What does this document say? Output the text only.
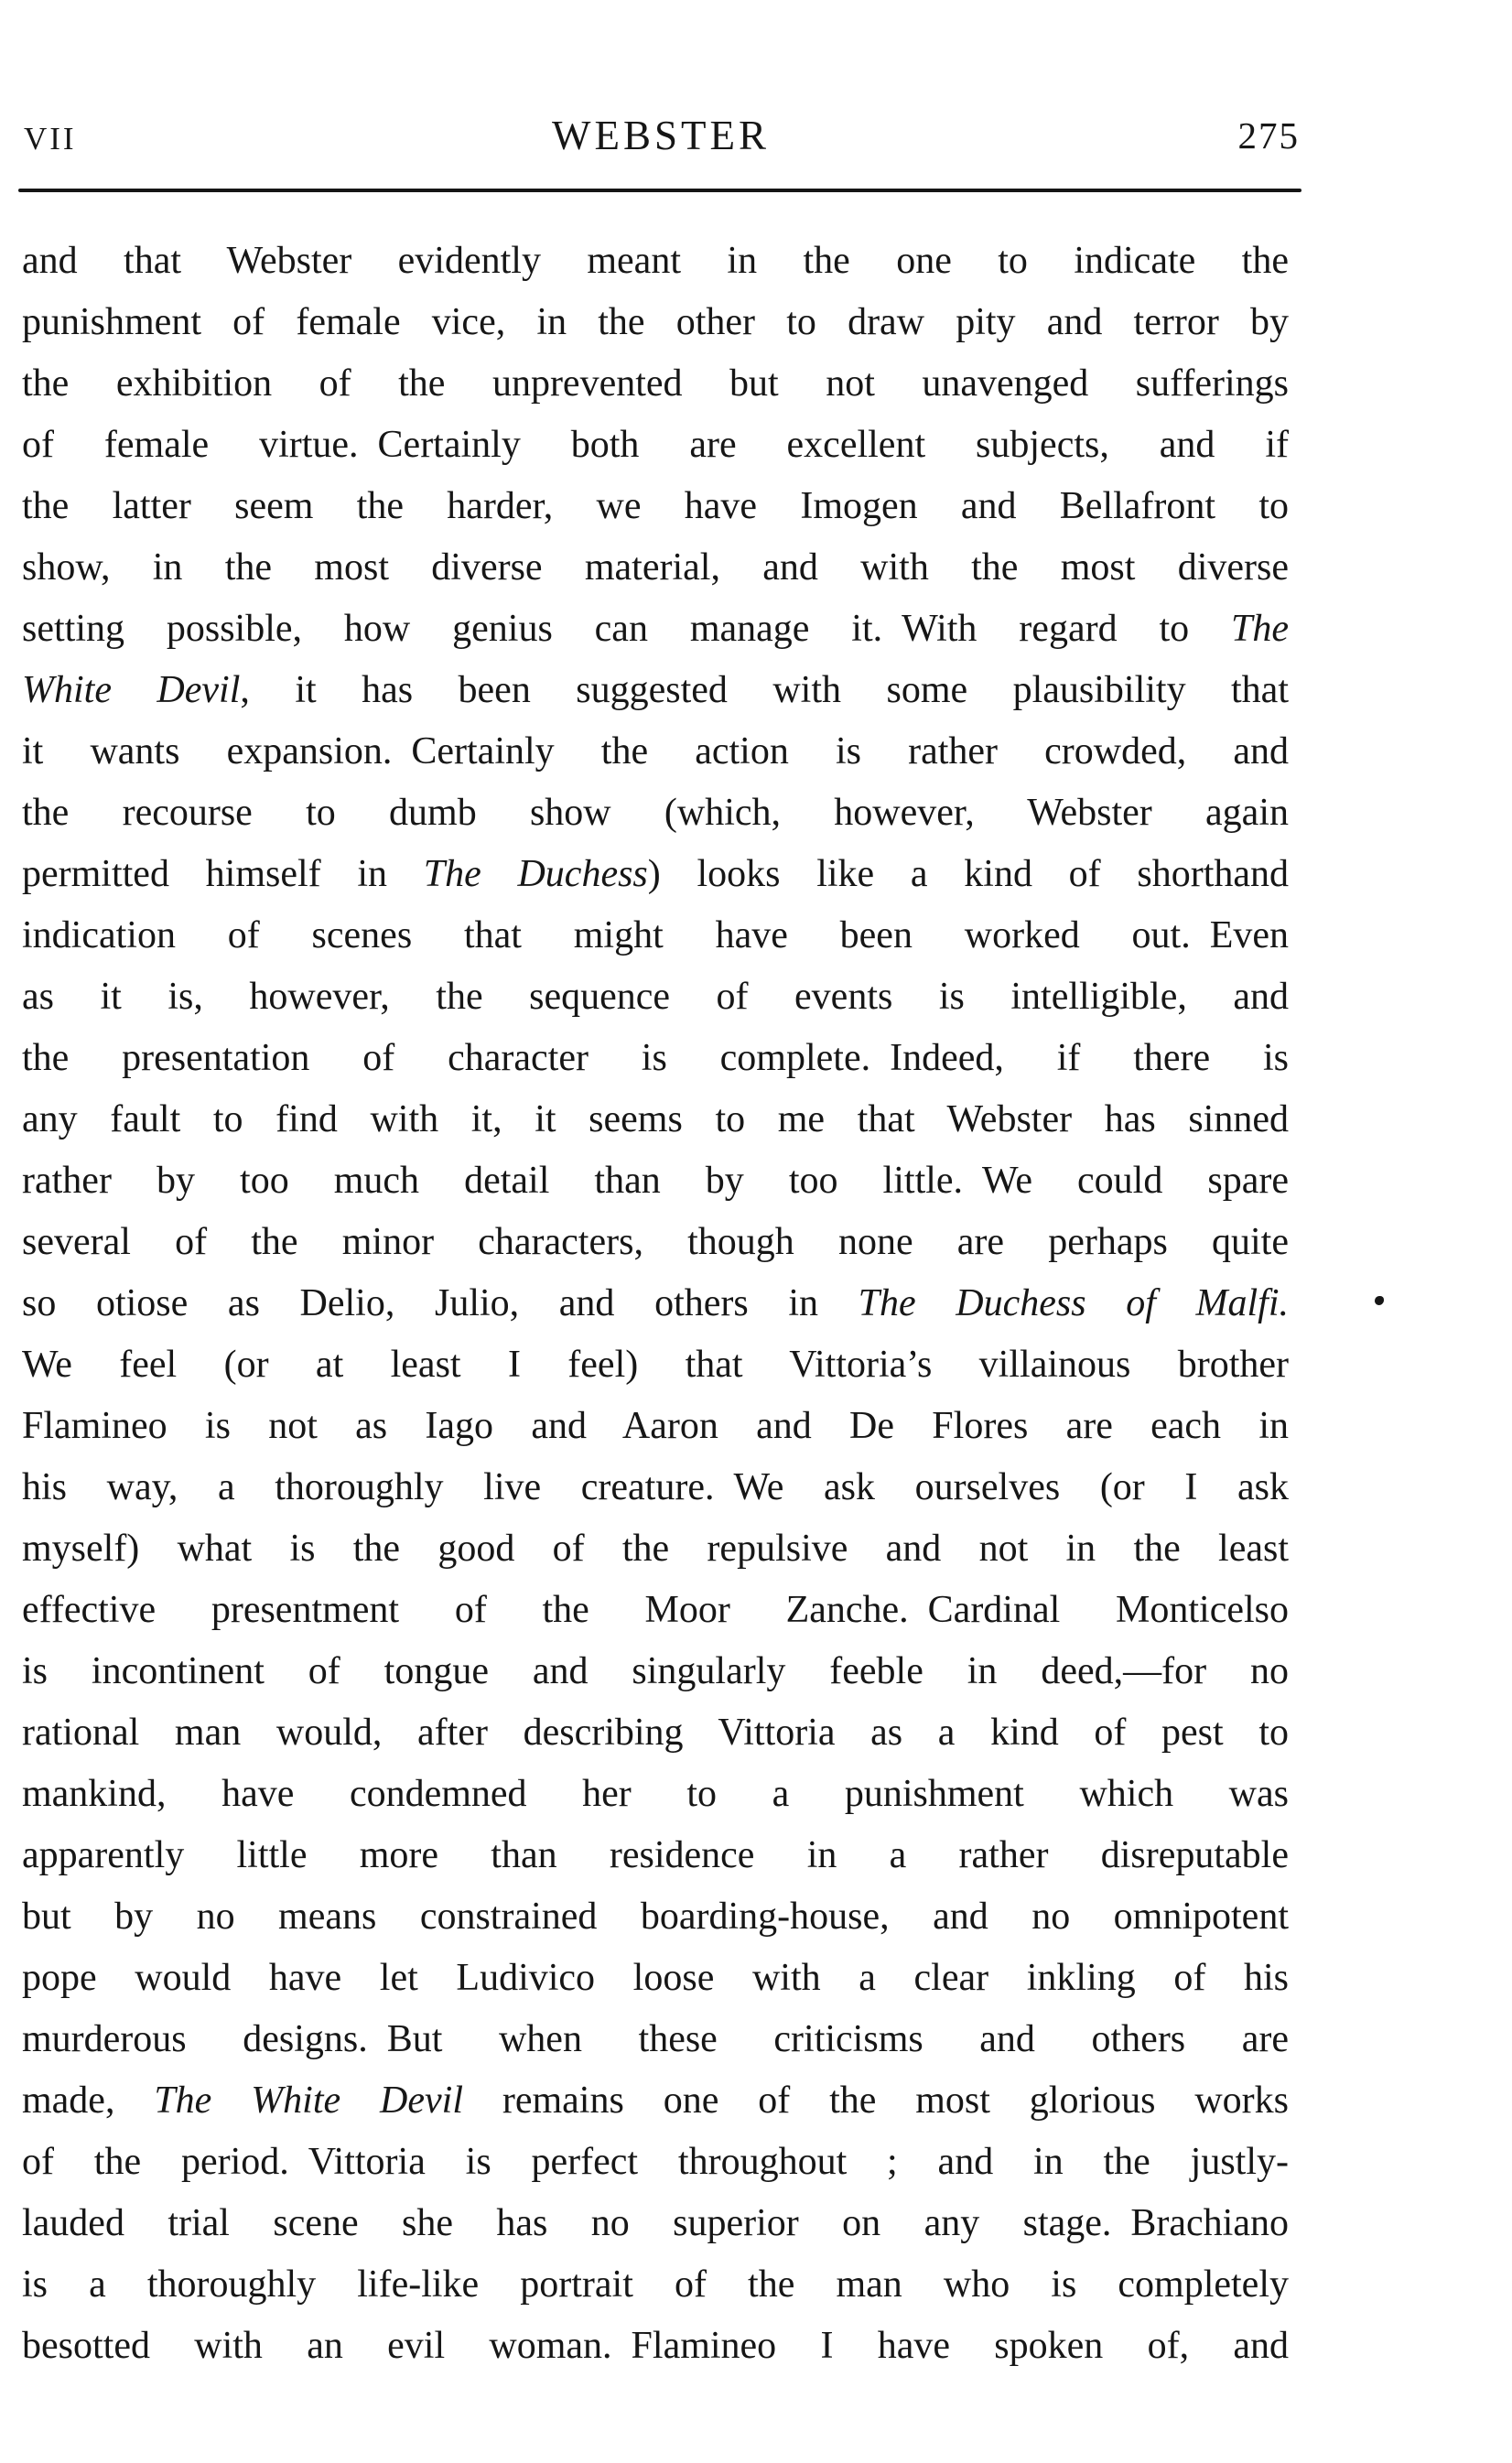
VII	WEBSTER	275
and that Webster evidently meant in the one to indicate the
punishment of female vice, in the other to draw pity and terror by
the exhibition of the unprevented but not unavenged sufferings
of female virtue. Certainly both are excellent subjects, and if
the latter seem the harder, we have Imogen and Bellafront to
show, in the most diverse material, and with the most diverse
setting possible, how genius can manage it. With regard to The
White Devil, it has been suggested with some plausibility that
it wants expansion. Certainly the action is rather crowded, and
the recourse to dumb show (which, however, Webster again
permitted himself in The Duchess) looks like a kind of shorthand
indication of scenes that might have been worked out. Even
as it is, however, the sequence of events is intelligible, and
the presentation of character is complete. Indeed, if there is
any fault to find with it, it seems to me that Webster has sinned
rather by too much detail than by too little. We could spare
several of the minor characters, though none are perhaps quite
so otiose as Delio, Julio, and others in The Duchess of Malfi.
We feel (or at least I feel) that Vittoria’s villainous brother
Flamineo is not as Iago and Aaron and De Flores are each in
his way, a thoroughly live creature. We ask ourselves (or I ask
myself) what is the good of the repulsive and not in the least
effective presentment of the Moor Zanche. Cardinal Monticelso
is incontinent of tongue and singularly feeble in deed,—for no
rational man would, after describing Vittoria as a kind of pest to
mankind, have condemned her to a punishment which was
apparently little more than residence in a rather disreputable
but by no means constrained boarding-house, and no omnipotent
pope would have let Ludivico loose with a clear inkling of his
murderous designs. But when these criticisms and others are
made, The White Devil remains one of the most glorious works
of the period. Vittoria is perfect throughout ; and in the justly-
lauded trial scene she has no superior on any stage. Brachiano
is a thoroughly life-like portrait of the man who is completely
besotted with an evil woman. Flamineo I have spoken of, and
